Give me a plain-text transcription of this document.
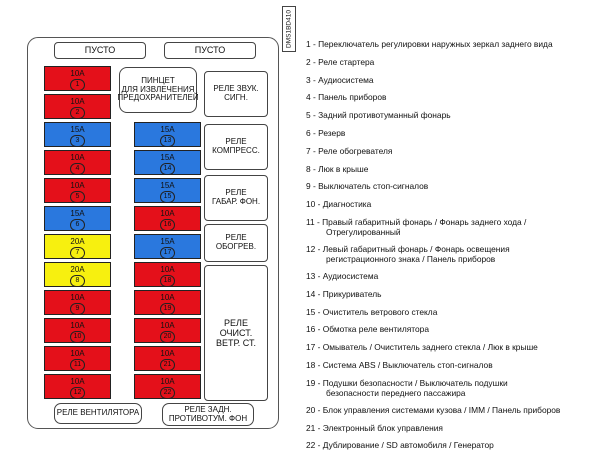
ПУСТО	ПУСТО
10A
1
10A
2
15A
3
10A
4
10A
5
15A
6
20A
7
20A
8
10A
9
10A
10
10A
11
10A
12
15A
13
15A
14
15A
15
10A
16
15A
17
10A
18
10A
19
10A
20
10A
21
10A
22
ПИНЦЕТ
ДЛЯ ИЗВЛЕЧЕНИЯ
ПРЕДОХРАНИТЕЛЕЙ
РЕЛЕ ЗВУК.
СИГН.
РЕЛЕ
КОМПРЕСС.
РЕЛЕ
ГАБАР. ФОН.
РЕЛЕ
ОБОГРЕВ.
РЕЛЕ
ОЧИСТ.
ВЕТР. СТ.
РЕЛЕ ВЕНТИЛЯТОРА	РЕЛЕ ЗАДН.
ПРОТИВОТУМ. ФОН
DMS1BD410 1 - Переключатель регулировки наружных зеркал заднего вида
2 - Реле стартера
3 - Аудиосистема
4 - Панель приборов
5 - Задний противотуманный фонарь
6 - Резерв
7 - Реле обогревателя
8 - Люк в крыше
9 - Выключатель стоп-сигналов
10 - Диагностика
11 - Правый габаритный фонарь / Фонарь заднего хода /
Отрегулированный
12 - Левый габаритный фонарь / Фонарь освещения
регистрационного знака / Панель приборов
13 - Аудиосистема
14 - Прикуриватель
15 - Очиститель ветрового стекла
16 - Обмотка реле вентилятора
17 - Омыватель / Очиститель заднего стекла / Люк в крыше
18 - Система ABS / Выключатель стоп-сигналов
19 - Подушки безопасности / Выключатель подушки
безопасности переднего пассажира
20 - Блок управления системами кузова / IMM / Панель приборов
21 - Электронный блок управления
22 - Дублирование / SD автомобиля / Генератор
